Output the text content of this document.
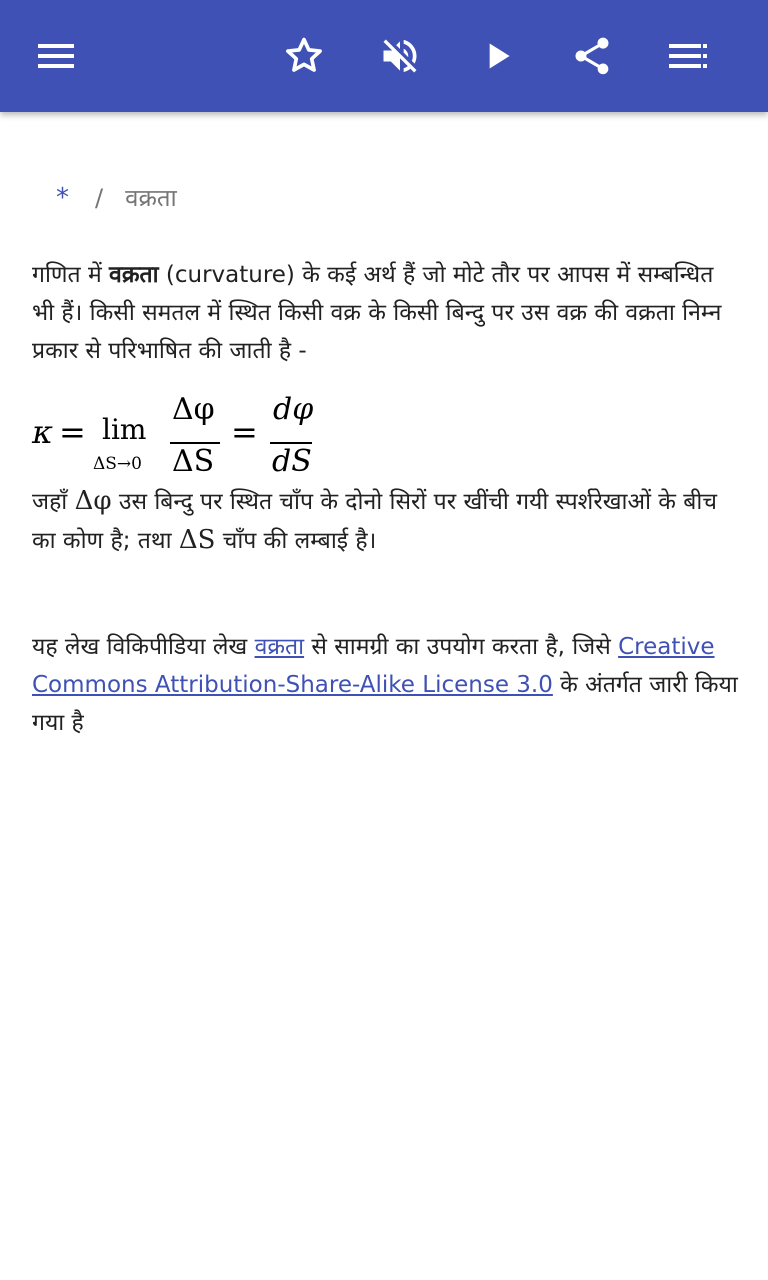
* / वक्रता
गणित में वक्रता (curvature) के कई अर्थ हैं जो मोटे तौर पर आपस में सम्बन्धित भी हैं। किसी समतल में स्थित किसी वक्र के किसी बिन्दु पर उस वक्र की वक्रता निम्न प्रकार से परिभाषित की जाती है -
κ = lim
ΔS→0
Δφ
ΔS
=
dφ
dS
जहाँ Δφ उस बिन्दु पर स्थित चाँप के दोनो सिरों पर खींची गयी स्पर्शरेखाओं के बीच का कोण है; तथा ΔS चाँप की लम्बाई है।
यह लेख विकिपीडिया लेख वक्रता से सामग्री का उपयोग करता है, जिसे Creative Commons Attribution-Share-Alike License 3.0 के अंतर्गत जारी किया गया है
